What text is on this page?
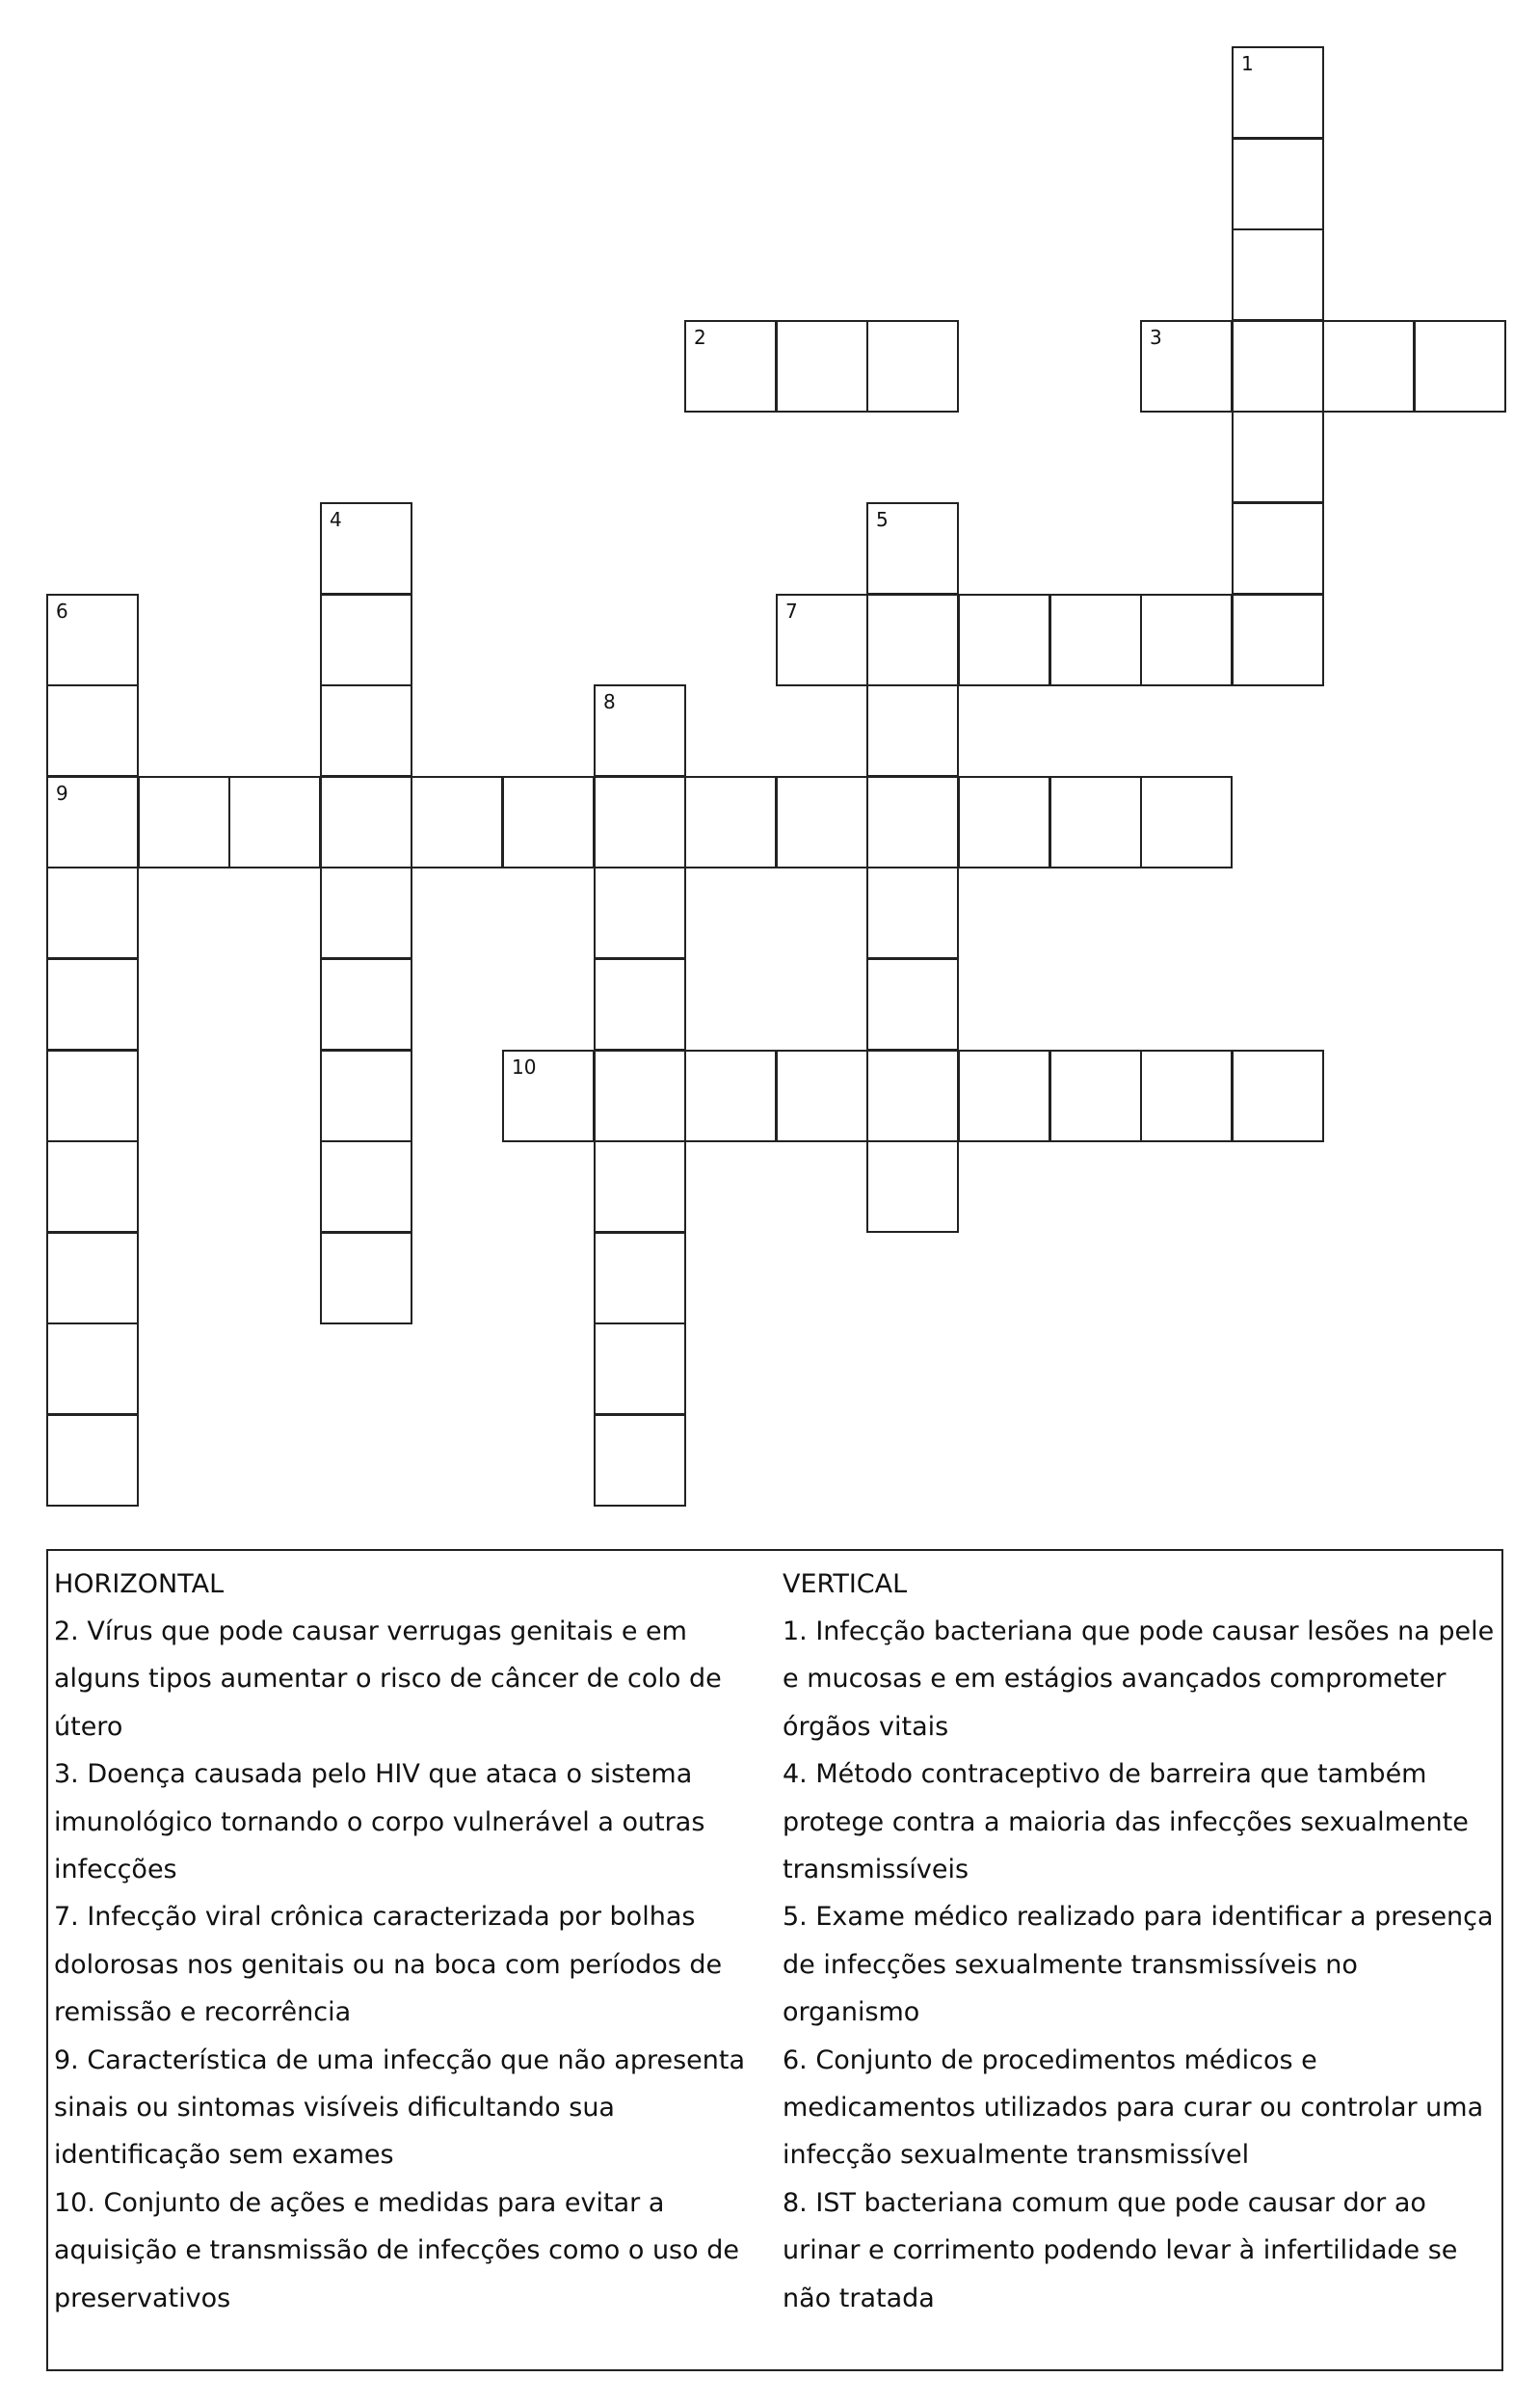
1
2	3
4	5
6	7
8
9
10
HORIZONTAL
2. Vírus que pode causar verrugas genitais e em
alguns tipos aumentar o risco de câncer de colo de
útero
3. Doença causada pelo HIV que ataca o sistema
imunológico tornando o corpo vulnerável a outras
infecções
7. Infecção viral crônica caracterizada por bolhas
dolorosas nos genitais ou na boca com períodos de
remissão e recorrência
9. Característica de uma infecção que não apresenta
sinais ou sintomas visíveis dificultando sua
identificação sem exames
10. Conjunto de ações e medidas para evitar a
aquisição e transmissão de infecções como o uso de
preservativos
VERTICAL
1. Infecção bacteriana que pode causar lesões na pele
e mucosas e em estágios avançados comprometer
órgãos vitais
4. Método contraceptivo de barreira que também
protege contra a maioria das infecções sexualmente
transmissíveis
5. Exame médico realizado para identificar a presença
de infecções sexualmente transmissíveis no organismo
6. Conjunto de procedimentos médicos e
medicamentos utilizados para curar ou controlar uma
infecção sexualmente transmissível
8. IST bacteriana comum que pode causar dor ao
urinar e corrimento podendo levar à infertilidade se
não tratada
